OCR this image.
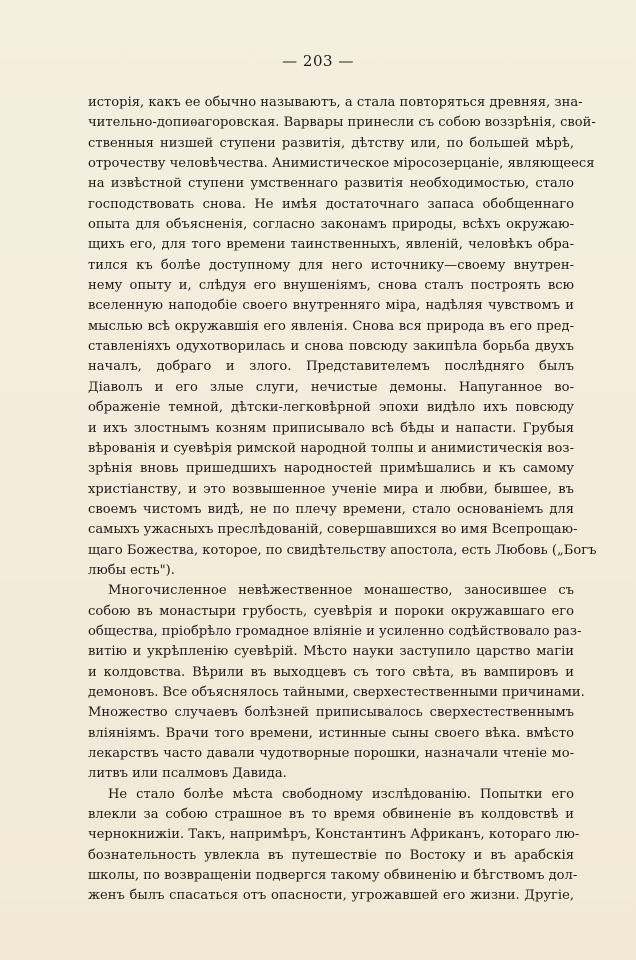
— 203 —
исторія, какъ ее обычно называютъ, а стала повторяться древняя, зна-
чительно-допиѳагоровская. Варвары принесли съ собою воззрѣнія, свой-
ственныя низшей ступени развитія, дѣтству или, по большей мѣрѣ,
отрочеству человѣчества. Анимистическое міросозерцаніе, являющееся
на извѣстной ступени умственнаго развитія необходимостью, стало
господствовать снова. Не имѣя достаточнаго запаса обобщеннаго
опыта для объясненія, согласно законамъ природы, всѣхъ окружаю-
щихъ его, для того времени таинственныхъ, явленій, человѣкъ обра-
тился къ болѣе доступному для него источнику—своему внутрен-
нему опыту и, слѣдуя его внушеніямъ, снова сталъ построять всю
вселенную наподобіе своего внутренняго міра, надѣляя чувствомъ и
мыслью всѣ окружавшія его явленія. Снова вся природа въ его пред-
ставленіяхъ одухотворилась и снова повсюду закипѣла борьба двухъ
началъ, добраго и злого. Представителемъ послѣдняго былъ
Діаволъ и его злые слуги, нечистые демоны. Напуганное во-
ображеніе темной, дѣтски-легковѣрной эпохи видѣло ихъ повсюду
и ихъ злостнымъ козням приписывало всѣ бѣды и напасти. Грубыя
вѣрованія и суевѣрія римской народной толпы и анимистическія воз-
зрѣнія вновь пришедшихъ народностей примѣшались и къ самому
христіанству, и это возвышенное ученіе мира и любви, бывшее, въ
своемъ чистомъ видѣ, не по плечу времени, стало основаніемъ для
самыхъ ужасныхъ преслѣдованій, совершавшихся во имя Всепрощаю-
щаго Божества, которое, по свидѣтельству апостола, есть Любовь („Богъ
любы есть").
Многочисленное невѣжественное монашество, заносившее съ
собою въ монастыри грубость, суевѣрія и пороки окружавшаго его
общества, пріобрѣло громадное вліяніе и усиленно содѣйствовало раз-
витію и укрѣпленію суевѣрій. Мѣсто науки заступило царство магіи
и колдовства. Вѣрили въ выходцевъ съ того свѣта, въ вампировъ и
демоновъ. Все объяснялось тайными, сверхестественными причинами.
Множество случаевъ болѣзней приписывалось сверхестественнымъ
вліяніямъ. Врачи того времени, истинные сыны своего вѣка. вмѣсто
лекарствъ часто давали чудотворные порошки, назначали чтеніе мо-
литвъ или псалмовъ Давида.
Не стало болѣе мѣста свободному изслѣдованію. Попытки его
влекли за собою страшное въ то время обвиненіе въ колдовствѣ и
чернокнижіи. Такъ, напримѣръ, Константинъ Африканъ, котораго лю-
бознательность увлекла въ путешествіе по Востоку и въ арабскія
школы, по возвращеніи подвергся такому обвиненію и бѣгствомъ дол-
женъ былъ спасаться отъ опасности, угрожавшей его жизни. Другіе,
